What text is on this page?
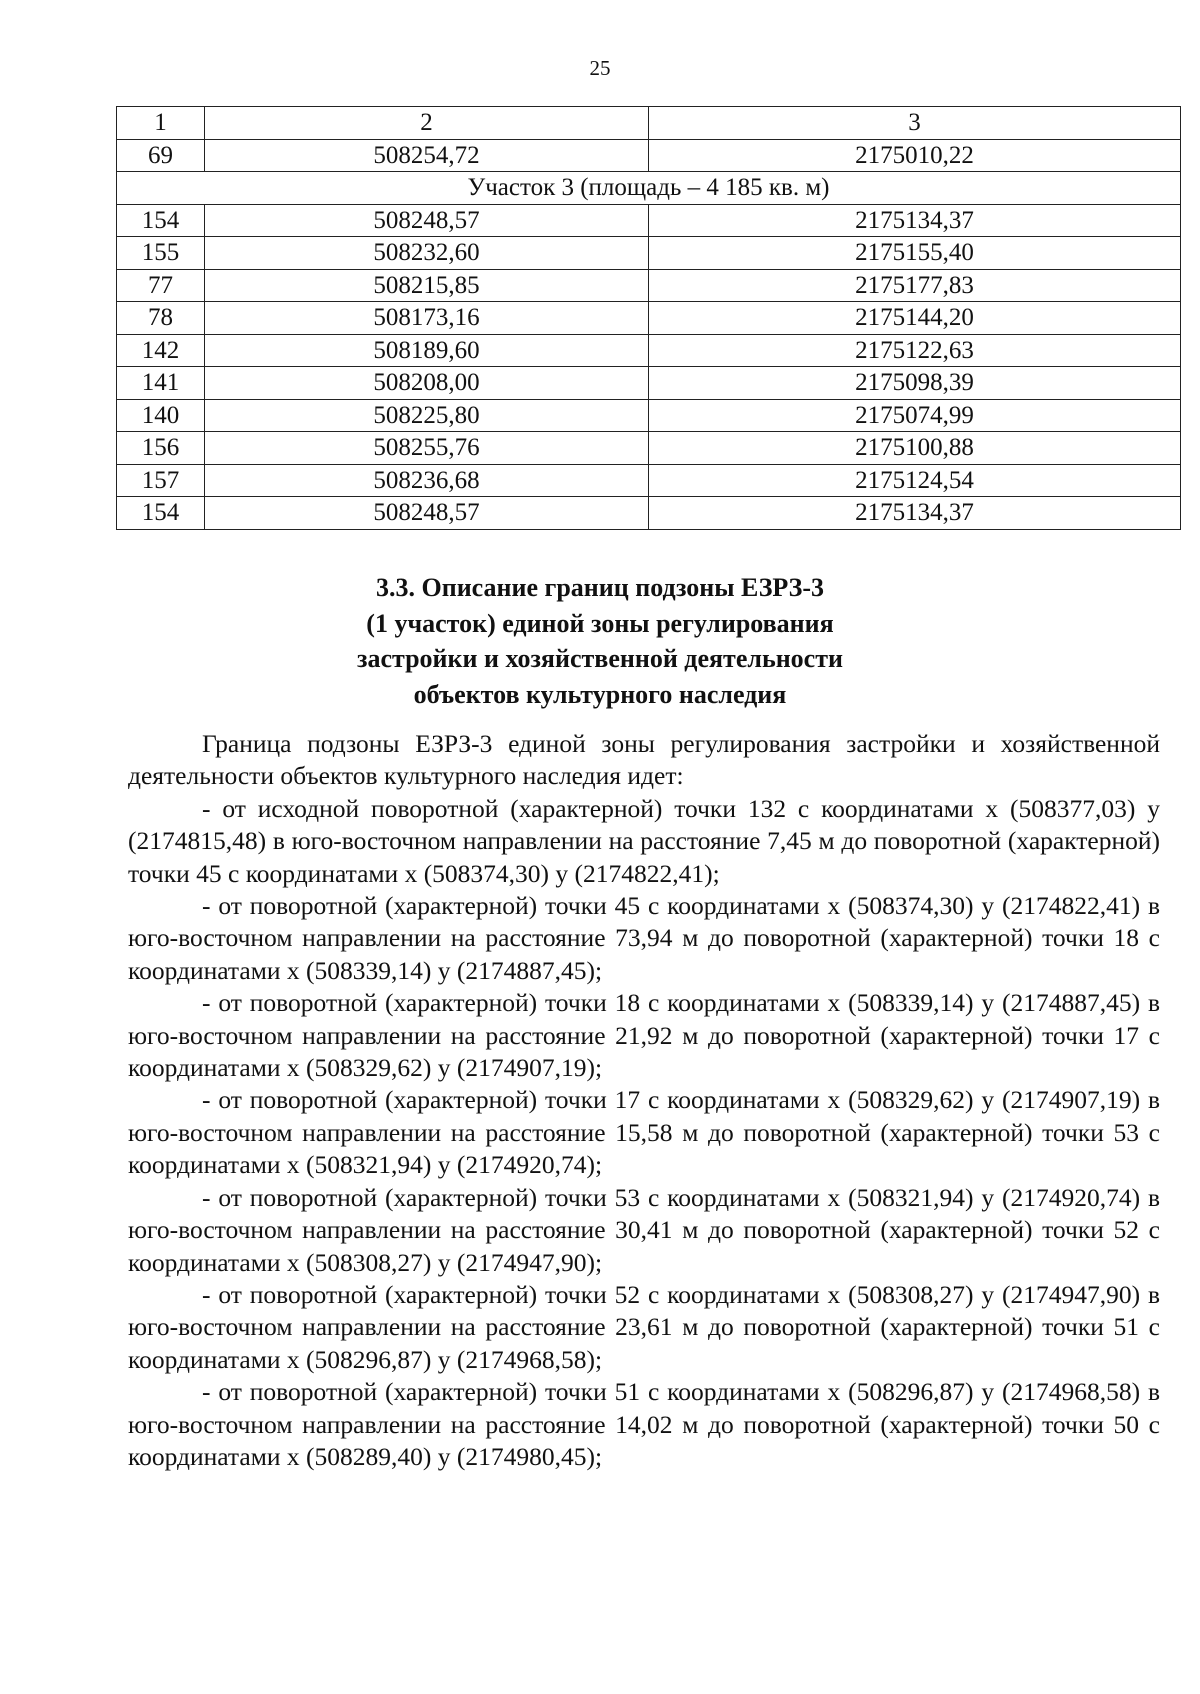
25
1	2	3
69	508254,72	2175010,22
Участок 3 (площадь – 4 185 кв. м)		
154	508248,57	2175134,37
155	508232,60	2175155,40
77	508215,85	2175177,83
78	508173,16	2175144,20
142	508189,60	2175122,63
141	508208,00	2175098,39
140	508225,80	2175074,99
156	508255,76	2175100,88
157	508236,68	2175124,54
154	508248,57	2175134,37
3.3. Описание границ подзоны ЕЗРЗ-3
(1 участок) единой зоны регулирования
застройки и хозяйственной деятельности
объектов культурного наследия

Граница подзоны ЕЗРЗ-3 единой зоны регулирования застройки и хозяйственной деятельности объектов культурного наследия идет:

- от исходной поворотной (характерной) точки 132 с координатами х (508377,03) у (2174815,48) в юго-восточном направлении на расстояние 7,45 м до поворотной (характерной) точки 45 с координатами х (508374,30) у (2174822,41);

- от поворотной (характерной) точки 45 с координатами х (508374,30) у (2174822,41) в юго-восточном направлении на расстояние 73,94 м до поворотной (характерной) точки 18 с координатами х (508339,14) у (2174887,45);

- от поворотной (характерной) точки 18 с координатами х (508339,14) у (2174887,45) в юго-восточном направлении на расстояние 21,92 м до поворотной (характерной) точки 17 с координатами х (508329,62) у (2174907,19);

- от поворотной (характерной) точки 17 с координатами х (508329,62) у (2174907,19) в юго-восточном направлении на расстояние 15,58 м до поворотной (характерной) точки 53 с координатами х (508321,94) у (2174920,74);

- от поворотной (характерной) точки 53 с координатами х (508321,94) у (2174920,74) в юго-восточном направлении на расстояние 30,41 м до поворотной (характерной) точки 52 с координатами х (508308,27) у (2174947,90);

- от поворотной (характерной) точки 52 с координатами х (508308,27) у (2174947,90) в юго-восточном направлении на расстояние 23,61 м до поворотной (характерной) точки 51 с координатами х (508296,87) у (2174968,58);

- от поворотной (характерной) точки 51 с координатами х (508296,87) у (2174968,58) в юго-восточном направлении на расстояние 14,02 м до поворотной (характерной) точки 50 с координатами х (508289,40) у (2174980,45);
